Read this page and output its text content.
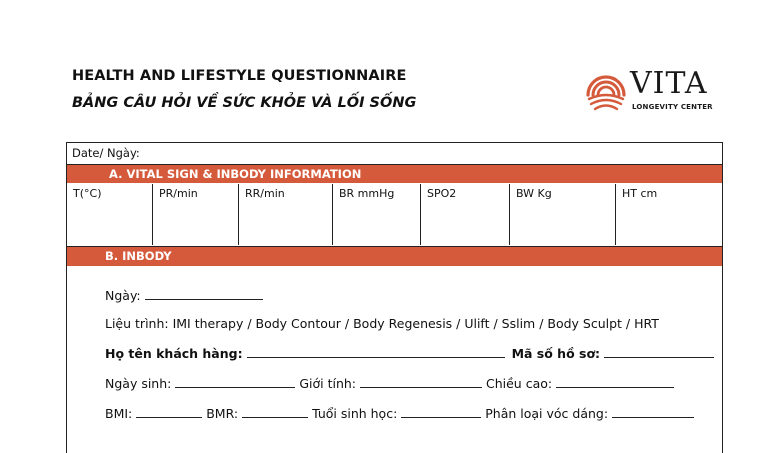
HEALTH AND LIFESTYLE QUESTIONNAIRE
BẢNG CÂU HỎI VỀ SỨC KHỎE VÀ LỐI SỐNG
VITA
LONGEVITY CENTER
Date/ Ngày:
A. VITAL SIGN & INBODY INFORMATION
T(°C)	PR/min	RR/min	BR mmHg	SPO2	BW Kg	HT cm
B. INBODY
Ngày:
Liệu trình: IMI therapy / Body Contour / Body Regenesis / Ulift / Sslim / Body Sculpt / HRT
Họ tên khách hàng:	Mã số hồ sơ:
Ngày sinh:	Giới tính:	Chiều cao:
BMI:	BMR:	Tuổi sinh học:	Phân loại vóc dáng:
